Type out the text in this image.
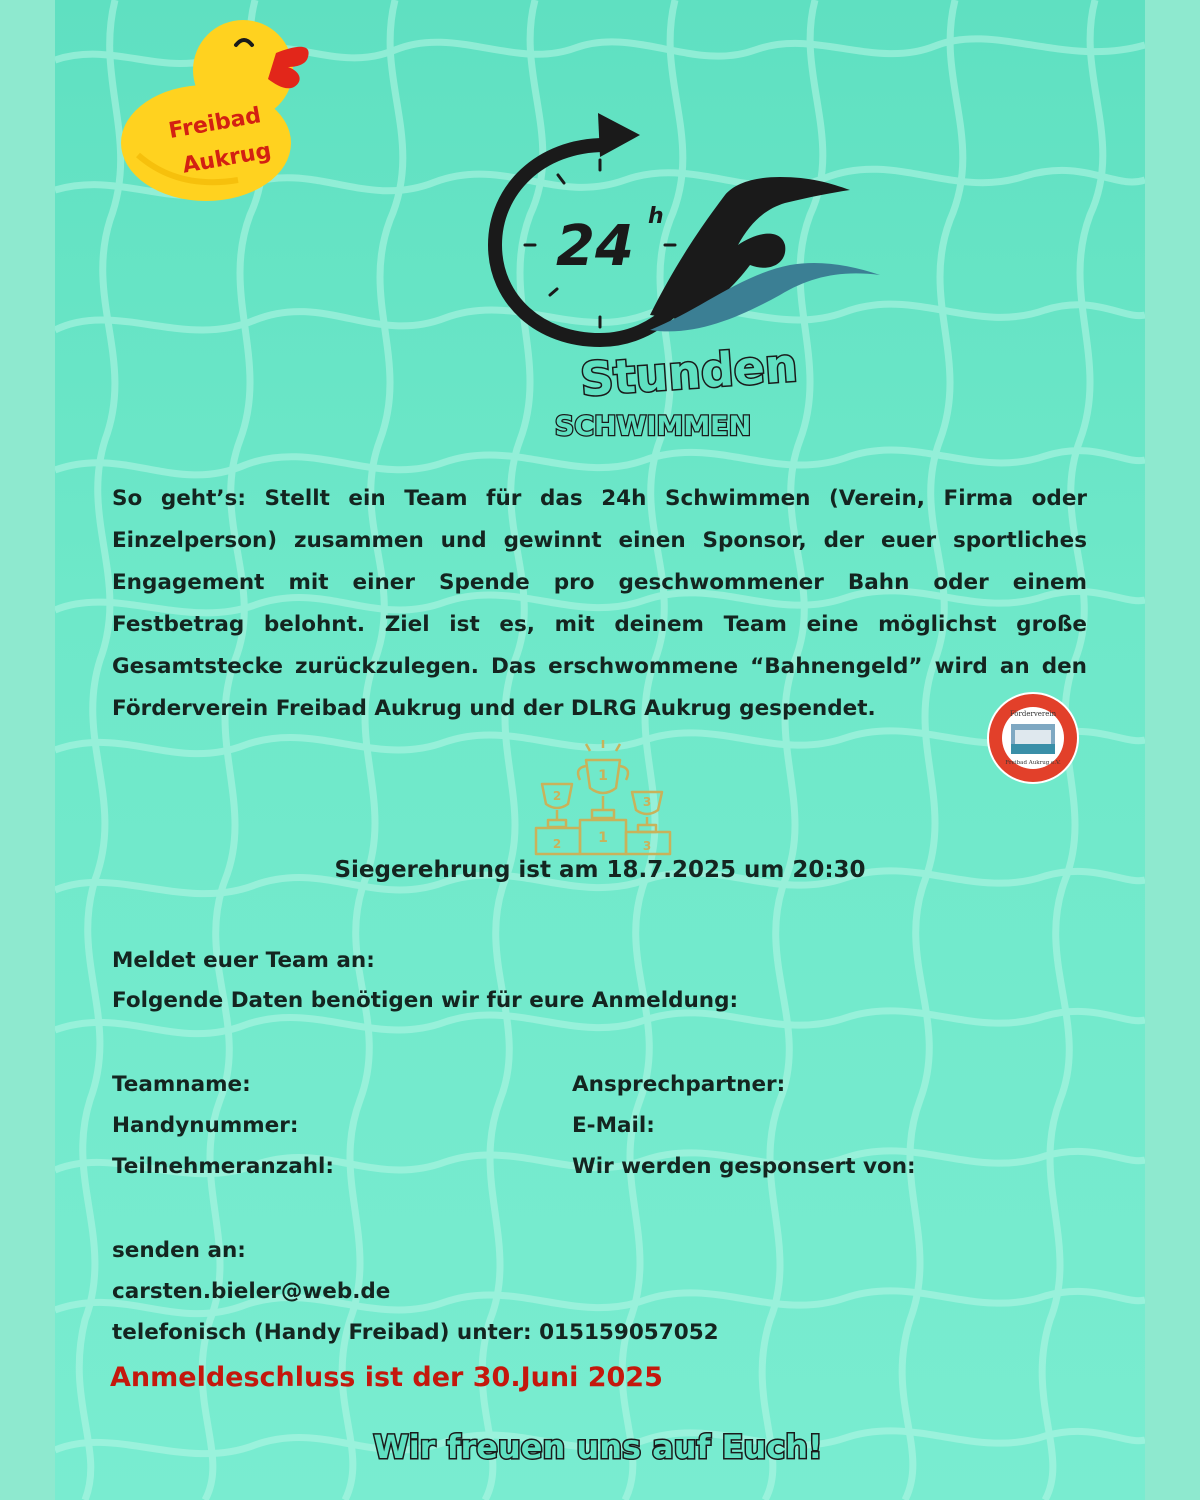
Freibad
Aukrug
24 h
Stunden
SCHWIMMEN
So geht’s: Stellt ein Team für das 24h Schwimmen (Verein, Firma oder Einzelperson) zusammen und gewinnt einen Sponsor, der euer sportliches Engagement mit einer Spende pro geschwommener Bahn oder einem Festbetrag belohnt. Ziel ist es, mit deinem Team eine möglichst große Gesamtstecke zurückzulegen. Das erschwommene “Bahnengeld” wird an den Förderverein Freibad Aukrug und der DLRG Aukrug gespendet.	Förderverein
Freibad Aukrug e.V.
1
1
2
2
3
3
Siegerehrung ist am 18.7.2025 um 20:30
Meldet euer Team an:
Folgende Daten benötigen wir für eure Anmeldung:
Teamname:
Handynummer:
Teilnehmeranzahl:
Ansprechpartner:
E-Mail:
Wir werden gesponsert von:
senden an:
carsten.bieler@web.de
telefonisch (Handy Freibad) unter: 015159057052
Anmeldeschluss ist der 30.Juni 2025
Wir freuen uns auf Euch!
